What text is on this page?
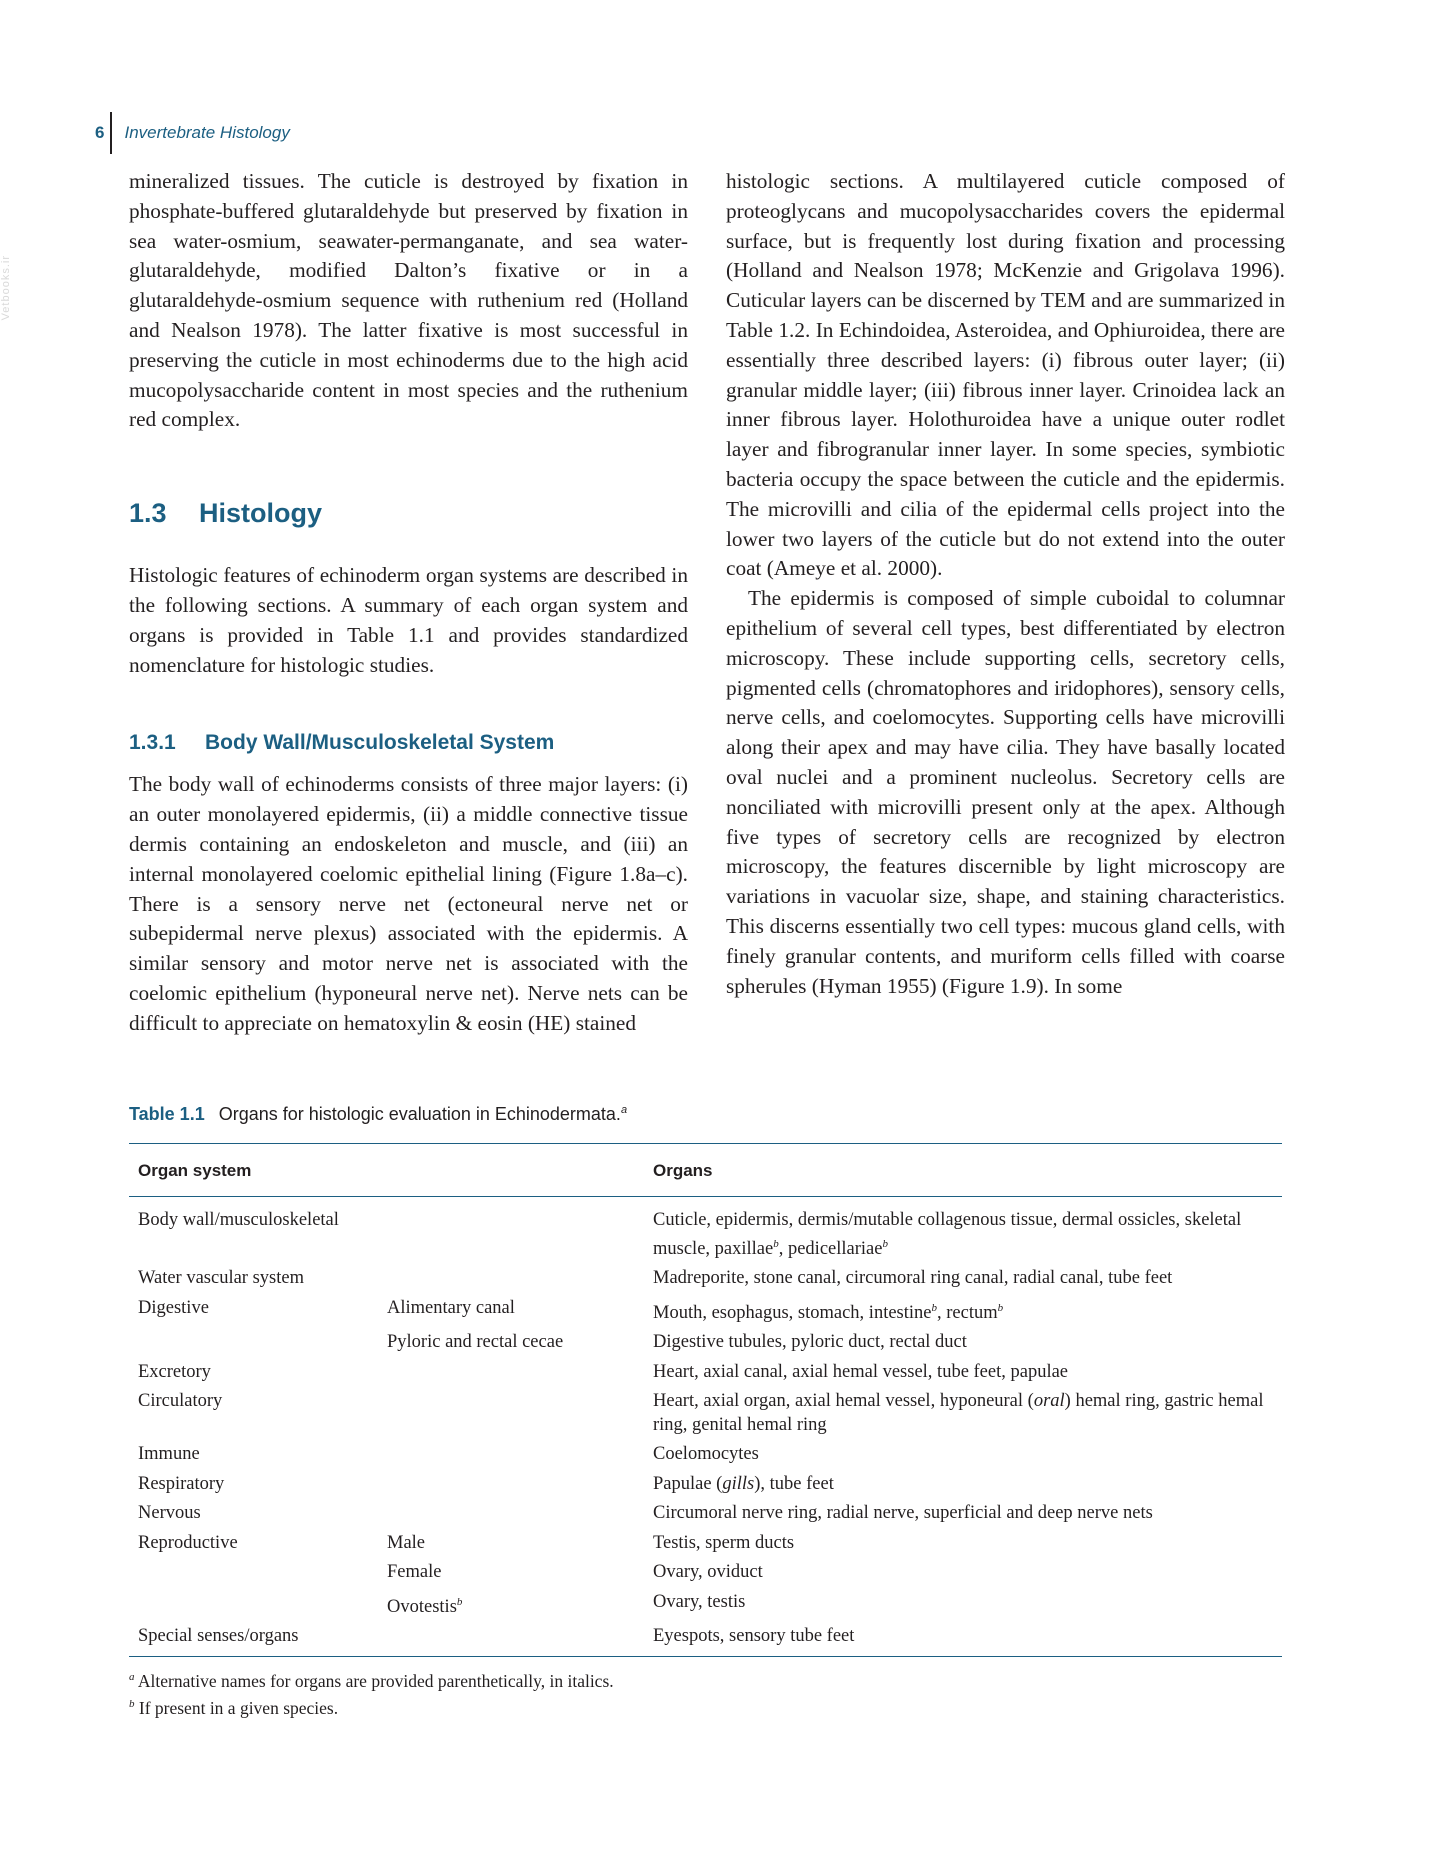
6	Invertebrate Histology
Vetbooks.ir

mineralized tissues. The cuticle is destroyed by fixation in phosphate-buffered glutaraldehyde but preserved by fixation in sea water-osmium, seawater-permanganate, and sea water-glutaraldehyde, modified Dalton’s fixative or in a glutaraldehyde-osmium sequence with ruthenium red (Holland and Nealson 1978). The latter fixative is most successful in preserving the cuticle in most echinoderms due to the high acid mucopolysaccharide content in most species and the ruthenium red complex.

1.3 Histology

Histologic features of echinoderm organ systems are described in the following sections. A summary of each organ system and organs is provided in Table 1.1 and provides standardized nomenclature for histologic studies.

1.3.1 Body Wall/Musculoskeletal System

The body wall of echinoderms consists of three major layers: (i) an outer monolayered epidermis, (ii) a middle connective tissue dermis containing an endoskeleton and muscle, and (iii) an internal monolayered coelomic epithelial lining (Figure 1.8a–c). There is a sensory nerve net (ectoneural nerve net or subepidermal nerve plexus) associated with the epidermis. A similar sensory and motor nerve net is associated with the coelomic epithelium (hyponeural nerve net). Nerve nets can be difficult to appreciate on hematoxylin & eosin (HE) stained

histologic sections. A multilayered cuticle composed of proteoglycans and mucopolysaccharides covers the epidermal surface, but is frequently lost during fixation and processing (Holland and Nealson 1978; McKenzie and Grigolava 1996). Cuticular layers can be discerned by TEM and are summarized in Table 1.2. In Echindoidea, Asteroidea, and Ophiuroidea, there are essentially three described layers: (i) fibrous outer layer; (ii) granular middle layer; (iii) fibrous inner layer. Crinoidea lack an inner fibrous layer. Holothuroidea have a unique outer rodlet layer and fibrogranular inner layer. In some species, symbiotic bacteria occupy the space between the cuticle and the epidermis. The microvilli and cilia of the epidermal cells project into the lower two layers of the cuticle but do not extend into the outer coat (Ameye et al. 2000).

The epidermis is composed of simple cuboidal to columnar epithelium of several cell types, best differentiated by electron microscopy. These include supporting cells, secretory cells, pigmented cells (chromatophores and iridophores), sensory cells, nerve cells, and coelomocytes. Supporting cells have microvilli along their apex and may have cilia. They have basally located oval nuclei and a prominent nucleolus. Secretory cells are nonciliated with microvilli present only at the apex. Although five types of secretory cells are recognized by electron microscopy, the features discernible by light microscopy are variations in vacuolar size, shape, and staining characteristics. This discerns essentially two cell types: mucous gland cells, with finely granular contents, and muriform cells filled with coarse spherules (Hyman 1955) (Figure 1.9). In some

Table 1.1 Organs for histologic evaluation in Echinodermata.$^a$
Organ system		Organs
Body wall/musculoskeletal		Cuticle, epidermis, dermis/mutable collagenous tissue, dermal ossicles, skeletal muscle, paxillae$^b$, pedicellariae$^b$
Water vascular system		Madreporite, stone canal, circumoral ring canal, radial canal, tube feet
Digestive	Alimentary canal	Mouth, esophagus, stomach, intestine$^b$, rectum$^b$
	Pyloric and rectal cecae	Digestive tubules, pyloric duct, rectal duct
Excretory		Heart, axial canal, axial hemal vessel, tube feet, papulae
Circulatory		Heart, axial organ, axial hemal vessel, hyponeural (oral) hemal ring, gastric hemal ring, genital hemal ring
Immune		Coelomocytes
Respiratory		Papulae (gills), tube feet
Nervous		Circumoral nerve ring, radial nerve, superficial and deep nerve nets
Reproductive	Male	Testis, sperm ducts
	Female	Ovary, oviduct
	Ovotestis$^b$	Ovary, testis
Special senses/organs		Eyespots, sensory tube feet
$^a$ Alternative names for organs are provided parenthetically, in italics.
$^b$ If present in a given species.
